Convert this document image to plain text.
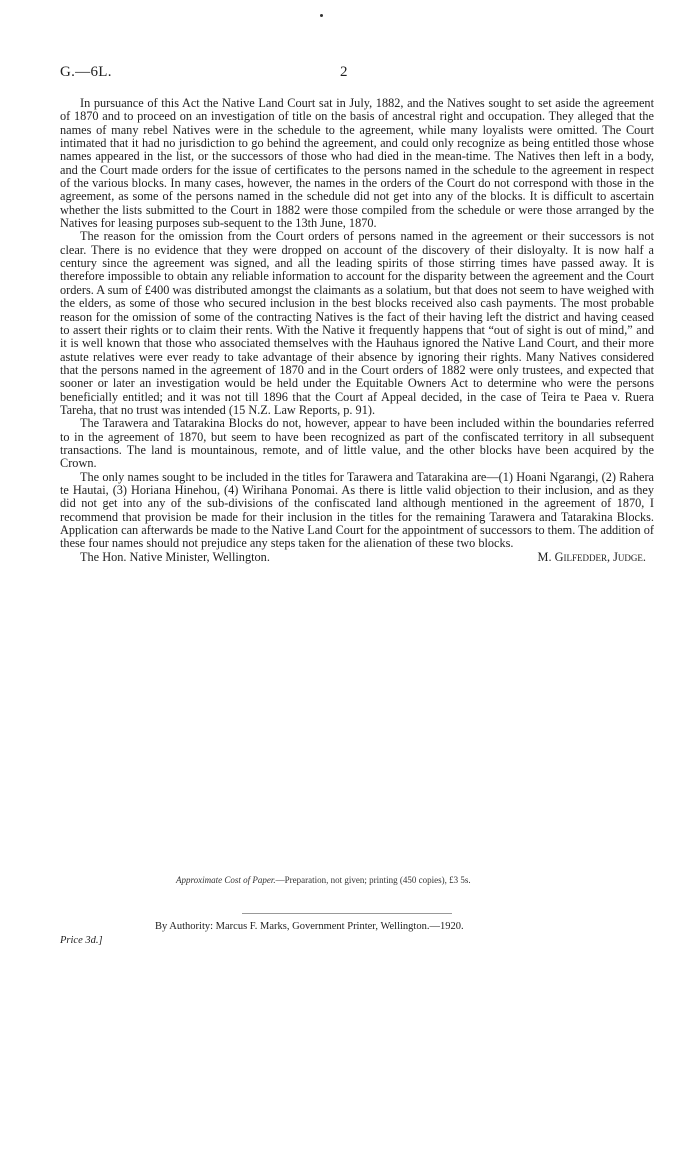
G.—6L.	2

In pursuance of this Act the Native Land Court sat in July, 1882, and the Natives sought to set aside the agreement of 1870 and to proceed on an investigation of title on the basis of ancestral right and occupation. They alleged that the names of many rebel Natives were in the schedule to the agreement, while many loyalists were omitted. The Court intimated that it had no jurisdiction to go behind the agreement, and could only recognize as being entitled those whose names appeared in the list, or the successors of those who had died in the mean-time. The Natives then left in a body, and the Court made orders for the issue of certificates to the persons named in the schedule to the agreement in respect of the various blocks. In many cases, however, the names in the orders of the Court do not correspond with those in the agreement, as some of the persons named in the schedule did not get into any of the blocks. It is difficult to ascertain whether the lists submitted to the Court in 1882 were those compiled from the schedule or were those arranged by the Natives for leasing purposes sub-sequent to the 13th June, 1870.

The reason for the omission from the Court orders of persons named in the agreement or their successors is not clear. There is no evidence that they were dropped on account of the discovery of their disloyalty. It is now half a century since the agreement was signed, and all the leading spirits of those stirring times have passed away. It is therefore impossible to obtain any reliable information to account for the disparity between the agreement and the Court orders. A sum of £400 was distributed amongst the claimants as a solatium, but that does not seem to have weighed with the elders, as some of those who secured inclusion in the best blocks received also cash payments. The most probable reason for the omission of some of the contracting Natives is the fact of their having left the district and having ceased to assert their rights or to claim their rents. With the Native it frequently happens that “out of sight is out of mind,” and it is well known that those who associated themselves with the Hauhaus ignored the Native Land Court, and their more astute relatives were ever ready to take advantage of their absence by ignoring their rights. Many Natives considered that the persons named in the agreement of 1870 and in the Court orders of 1882 were only trustees, and expected that sooner or later an investigation would be held under the Equitable Owners Act to determine who were the persons beneficially entitled; and it was not till 1896 that the Court af Appeal decided, in the case of Teira te Paea v. Ruera Tareha, that no trust was intended (15 N.Z. Law Reports, p. 91).

The Tarawera and Tatarakina Blocks do not, however, appear to have been included within the boundaries referred to in the agreement of 1870, but seem to have been recognized as part of the confiscated territory in all subsequent transactions. The land is mountainous, remote, and of little value, and the other blocks have been acquired by the Crown.

The only names sought to be included in the titles for Tarawera and Tatarakina are—(1) Hoani Ngarangi, (2) Rahera te Hautai, (3) Horiana Hinehou, (4) Wirihana Ponomai. As there is little valid objection to their inclusion, and as they did not get into any of the sub-divisions of the confiscated land although mentioned in the agreement of 1870, I recommend that provision be made for their inclusion in the titles for the remaining Tarawera and Tatarakina Blocks. Application can afterwards be made to the Native Land Court for the appointment of successors to them. The addition of these four names should not prejudice any steps taken for the alienation of these two blocks.

The Hon. Native Minister, Wellington.	M. Gilfedder, Judge.
Approximate Cost of Paper.—Preparation, not given; printing (450 copies), £3 5s.
By Authority: Marcus F. Marks, Government Printer, Wellington.—1920.
Price 3d.]
